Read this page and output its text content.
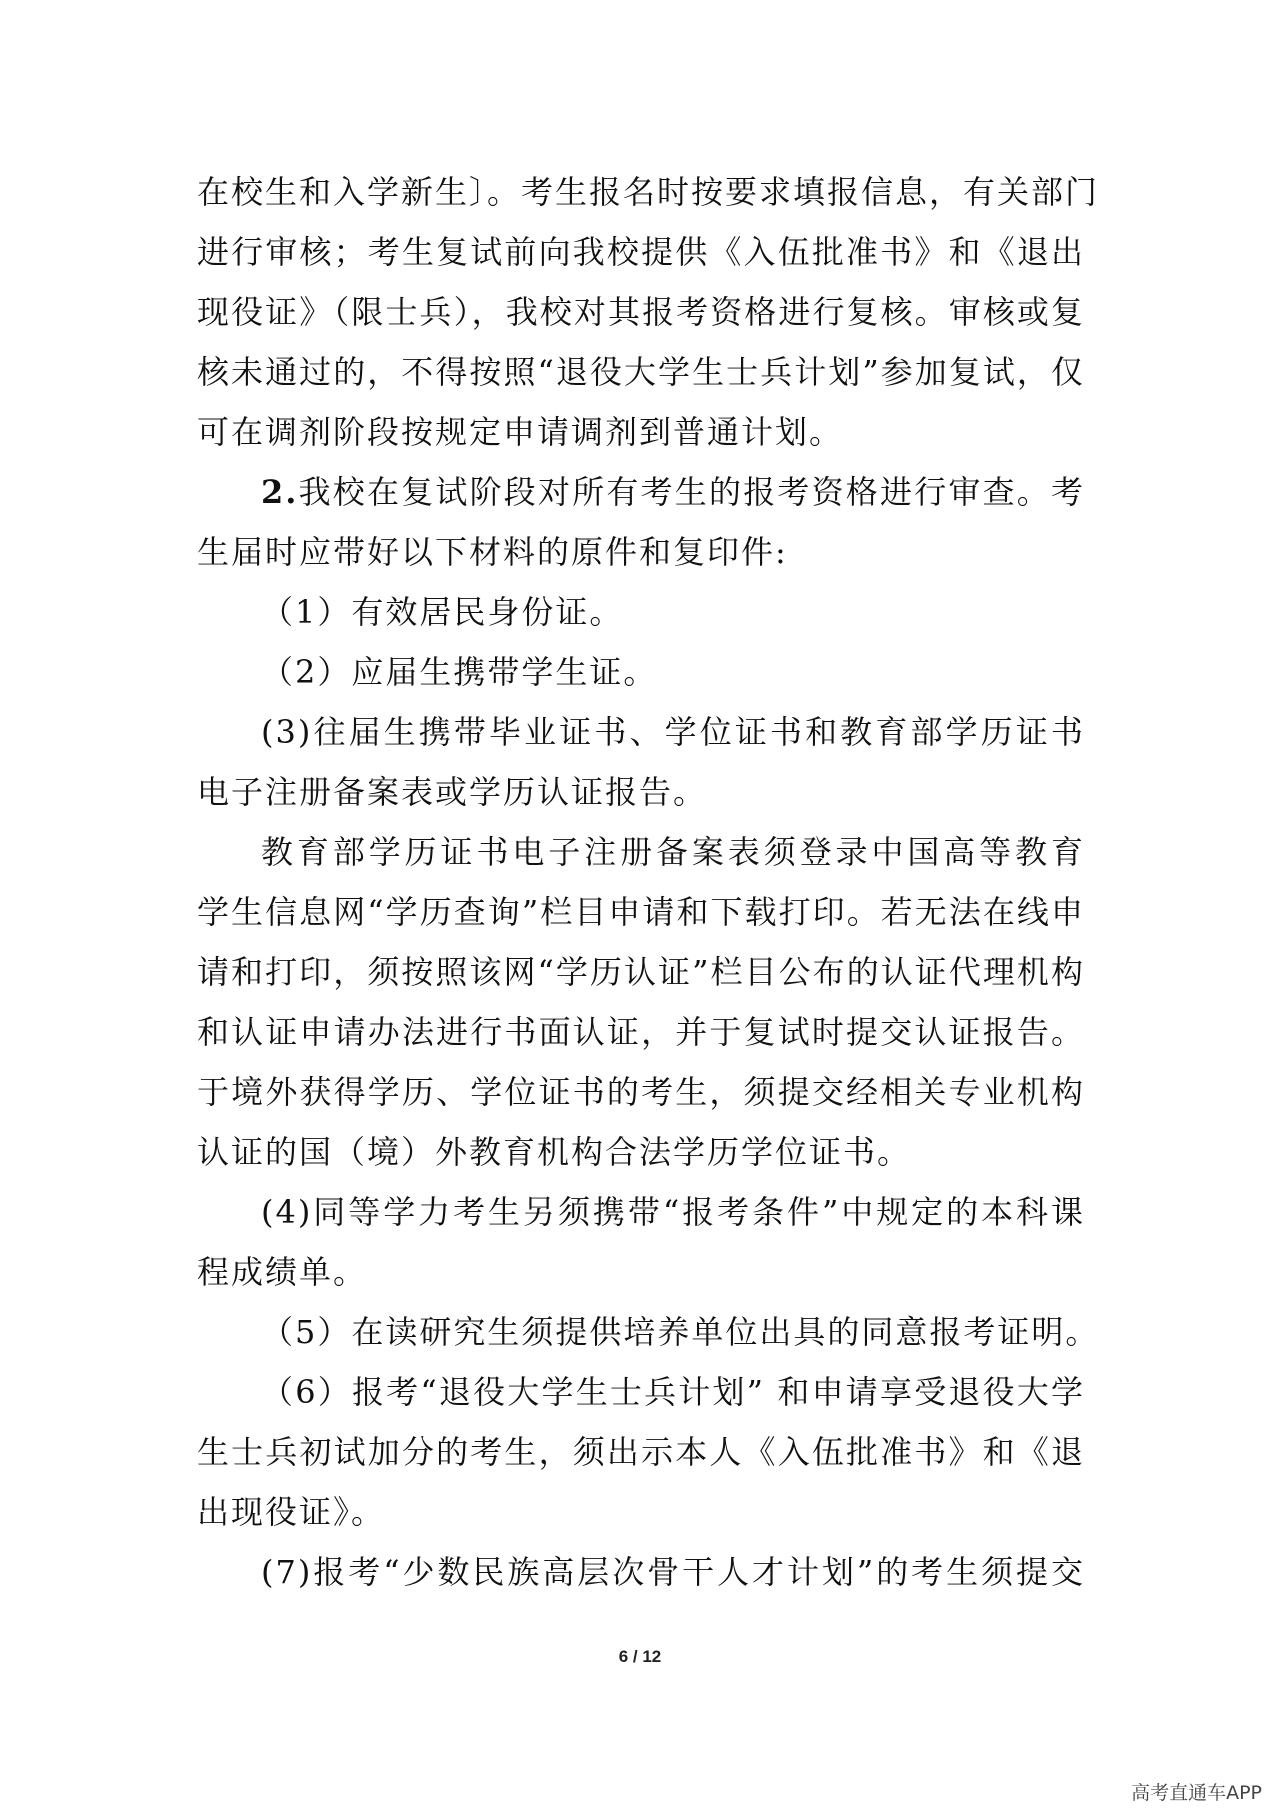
在校生和入学新生〕。考生报名时按要求填报信息，有关部门
进行审核；考生复试前向我校提供《入伍批准书》和《退出
现役证》（限士兵），我校对其报考资格进行复核。审核或复
核未通过的，不得按照“退役大学生士兵计划”参加复试，仅
可在调剂阶段按规定申请调剂到普通计划。
2.我校在复试阶段对所有考生的报考资格进行审查。考
生届时应带好以下材料的原件和复印件:
（1）有效居民身份证。
（2）应届生携带学生证。
(3)往届生携带毕业证书、学位证书和教育部学历证书
电子注册备案表或学历认证报告。
教育部学历证书电子注册备案表须登录中国高等教育
学生信息网“学历查询”栏目申请和下载打印。若无法在线申
请和打印，须按照该网“学历认证”栏目公布的认证代理机构
和认证申请办法进行书面认证，并于复试时提交认证报告。
于境外获得学历、学位证书的考生，须提交经相关专业机构
认证的国（境）外教育机构合法学历学位证书。
(4)同等学力考生另须携带“报考条件”中规定的本科课
程成绩单。
（5）在读研究生须提供培养单位出具的同意报考证明。
（6）报考“退役大学生士兵计划” 和申请享受退役大学
生士兵初试加分的考生，须出示本人《入伍批准书》和《退
出现役证》。
(7)报考“少数民族高层次骨干人才计划”的考生须提交
6 / 12
高考直通车APP
